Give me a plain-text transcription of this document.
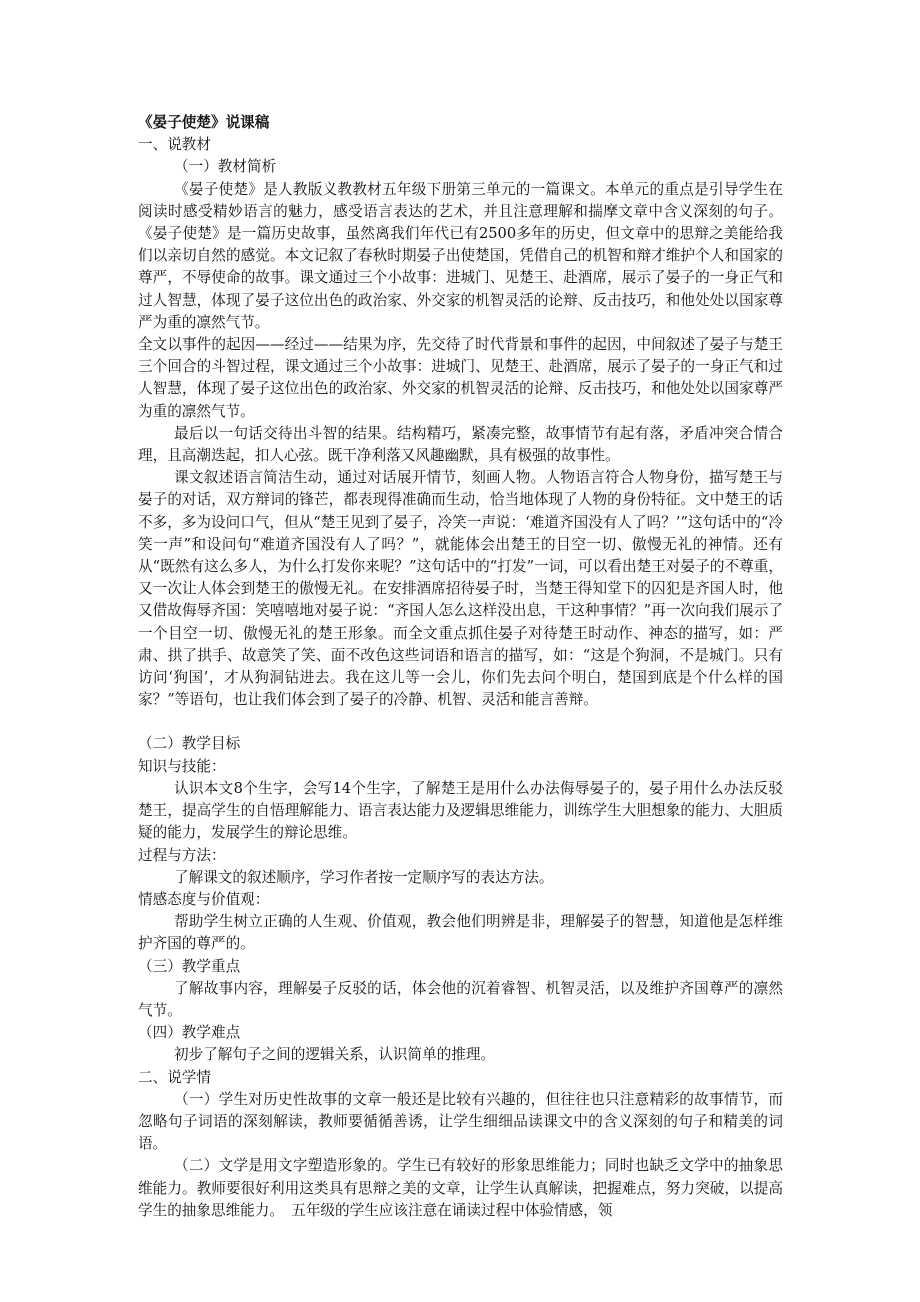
《晏子使楚》说课稿

一、说教材

（一）教材简析

《晏子使楚》是人教版义教教材五年级下册第三单元的一篇课文。本单元的重点是引导学生在阅读时感受精妙语言的魅力，感受语言表达的艺术，并且注意理解和揣摩文章中含义深刻的句子。《晏子使楚》是一篇历史故事，虽然离我们年代已有2500多年的历史，但文章中的思辩之美能给我们以亲切自然的感觉。本文记叙了春秋时期晏子出使楚国，凭借自己的机智和辩才维护个人和国家的尊严，不辱使命的故事。课文通过三个小故事：进城门、见楚王、赴酒席，展示了晏子的一身正气和过人智慧，体现了晏子这位出色的政治家、外交家的机智灵活的论辩、反击技巧，和他处处以国家尊严为重的凛然气节。

全文以事件的起因——经过——结果为序，先交待了时代背景和事件的起因，中间叙述了晏子与楚王三个回合的斗智过程，课文通过三个小故事：进城门、见楚王、赴酒席，展示了晏子的一身正气和过人智慧，体现了晏子这位出色的政治家、外交家的机智灵活的论辩、反击技巧，和他处处以国家尊严为重的凛然气节。

最后以一句话交待出斗智的结果。结构精巧，紧凑完整，故事情节有起有落，矛盾冲突合情合理，且高潮迭起，扣人心弦。既干净利落又风趣幽默，具有极强的故事性。

课文叙述语言简洁生动，通过对话展开情节，刻画人物。人物语言符合人物身份，描写楚王与晏子的对话，双方辩词的锋芒，都表现得准确而生动，恰当地体现了人物的身份特征。文中楚王的话不多，多为设问口气，但从“楚王见到了晏子，冷笑一声说：‘难道齐国没有人了吗？’”这句话中的“冷笑一声”和设问句“难道齐国没有人了吗？”，就能体会出楚王的目空一切、傲慢无礼的神情。还有从“既然有这么多人，为什么打发你来呢？”这句话中的“打发”一词，可以看出楚王对晏子的不尊重，又一次让人体会到楚王的傲慢无礼。在安排酒席招待晏子时，当楚王得知堂下的囚犯是齐国人时，他又借故侮辱齐国：笑嘻嘻地对晏子说：“齐国人怎么这样没出息，干这种事情？”再一次向我们展示了一个目空一切、傲慢无礼的楚王形象。而全文重点抓住晏子对待楚王时动作、神态的描写，如：严肃、拱了拱手、故意笑了笑、面不改色这些词语和语言的描写，如：“这是个狗洞，不是城门。只有访问‘狗国’，才从狗洞钻进去。我在这儿等一会儿，你们先去问个明白，楚国到底是个什么样的国家？”等语句，也让我们体会到了晏子的冷静、机智、灵活和能言善辩。

（二）教学目标

知识与技能：

认识本文8个生字，会写14个生字，了解楚王是用什么办法侮辱晏子的，晏子用什么办法反驳楚王，提高学生的自悟理解能力、语言表达能力及逻辑思维能力，训练学生大胆想象的能力、大胆质疑的能力，发展学生的辩论思维。

过程与方法：

了解课文的叙述顺序，学习作者按一定顺序写的表达方法。

情感态度与价值观：

帮助学生树立正确的人生观、价值观，教会他们明辨是非，理解晏子的智慧，知道他是怎样维护齐国的尊严的。

（三）教学重点

了解故事内容，理解晏子反驳的话，体会他的沉着睿智、机智灵活，以及维护齐国尊严的凛然气节。

（四）教学难点

初步了解句子之间的逻辑关系，认识简单的推理。

二、说学情

（一）学生对历史性故事的文章一般还是比较有兴趣的，但往往也只注意精彩的故事情节，而忽略句子词语的深刻解读，教师要循循善诱，让学生细细品读课文中的含义深刻的句子和精美的词语。

（二）文学是用文字塑造形象的。学生已有较好的形象思维能力；同时也缺乏文学中的抽象思维能力。教师要很好利用这类具有思辩之美的文章，让学生认真解读，把握难点，努力突破，以提高学生的抽象思维能力。　五年级的学生应该注意在诵读过程中体验情感，领
